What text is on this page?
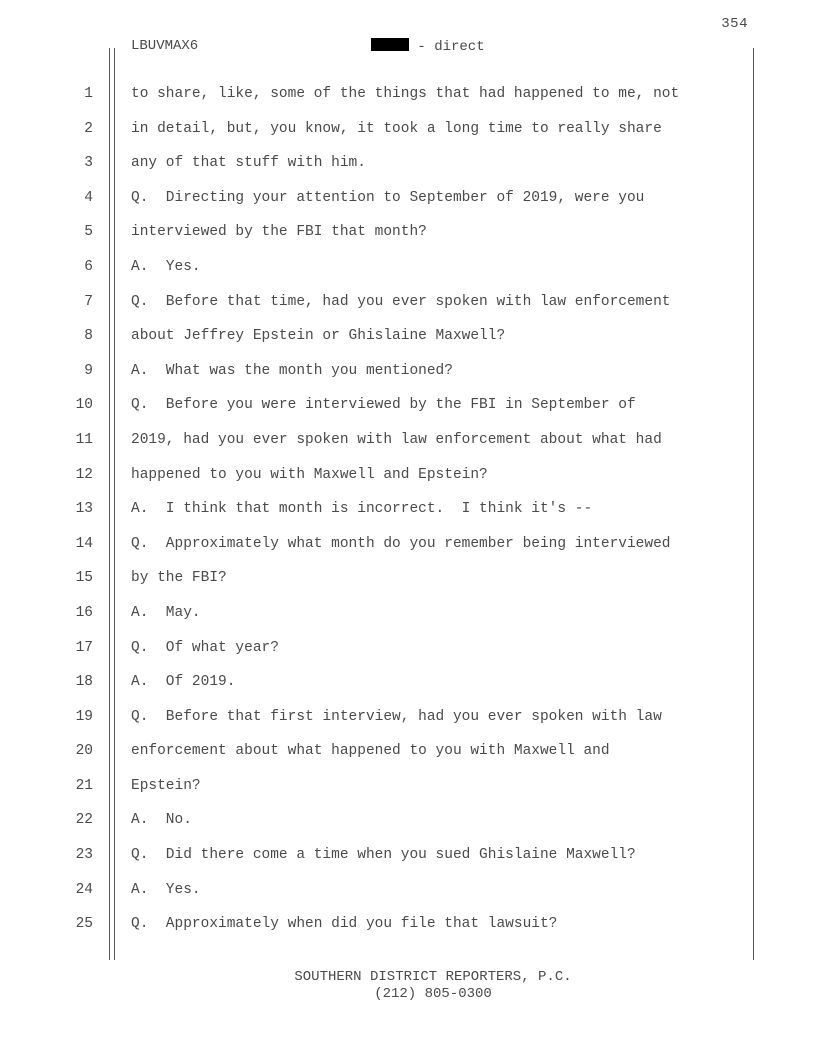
354
LBUVMAX6	- direct
1	to share, like, some of the things that had happened to me, not
2	in detail, but, you know, it took a long time to really share
3	any of that stuff with him.
4	Q.  Directing your attention to September of 2019, were you
5	interviewed by the FBI that month?
6	A.  Yes.
7	Q.  Before that time, had you ever spoken with law enforcement
8	about Jeffrey Epstein or Ghislaine Maxwell?
9	A.  What was the month you mentioned?
10	Q.  Before you were interviewed by the FBI in September of
11	2019, had you ever spoken with law enforcement about what had
12	happened to you with Maxwell and Epstein?
13	A.  I think that month is incorrect.  I think it's --
14	Q.  Approximately what month do you remember being interviewed
15	by the FBI?
16	A.  May.
17	Q.  Of what year?
18	A.  Of 2019.
19	Q.  Before that first interview, had you ever spoken with law
20	enforcement about what happened to you with Maxwell and
21	Epstein?
22	A.  No.
23	Q.  Did there come a time when you sued Ghislaine Maxwell?
24	A.  Yes.
25	Q.  Approximately when did you file that lawsuit?
SOUTHERN DISTRICT REPORTERS, P.C.
(212) 805-0300
